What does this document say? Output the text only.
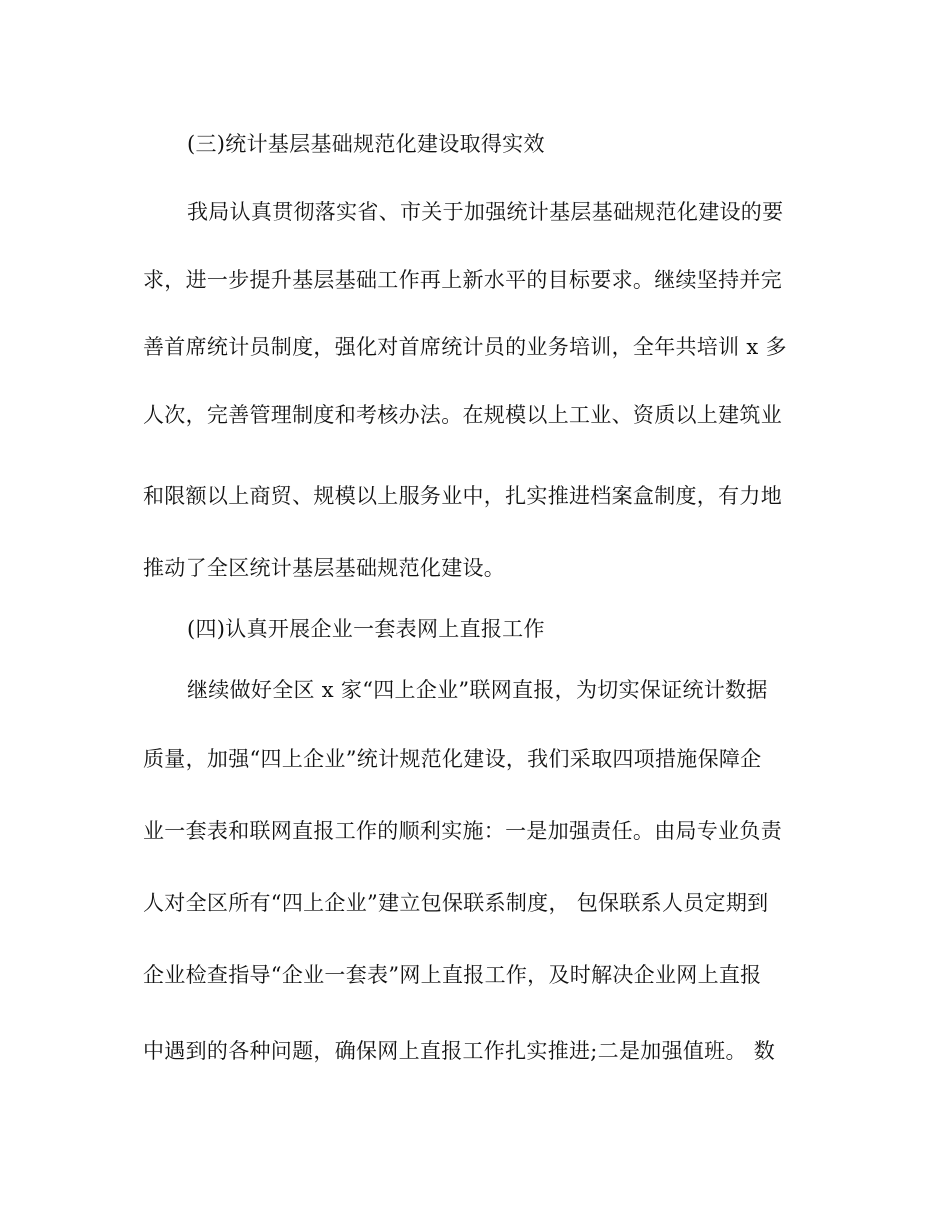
(三)统计基层基础规范化建设取得实效
我局认真贯彻落实省、市关于加强统计基层基础规范化建设的要
求，进一步提升基层基础工作再上新水平的目标要求。继续坚持并完
善首席统计员制度，强化对首席统计员的业务培训，全年共培训 x 多
人次，完善管理制度和考核办法。在规模以上工业、资质以上建筑业
和限额以上商贸、规模以上服务业中，扎实推进档案盒制度，有力地
推动了全区统计基层基础规范化建设。
(四)认真开展企业一套表网上直报工作
继续做好全区 x 家“四上企业”联网直报，为切实保证统计数据
质量，加强“四上企业”统计规范化建设，我们采取四项措施保障企
业一套表和联网直报工作的顺利实施：一是加强责任。由局专业负责
人对全区所有“四上企业”建立包保联系制度， 包保联系人员定期到
企业检查指导“企业一套表”网上直报工作，及时解决企业网上直报
中遇到的各种问题，确保网上直报工作扎实推进;二是加强值班。 数
